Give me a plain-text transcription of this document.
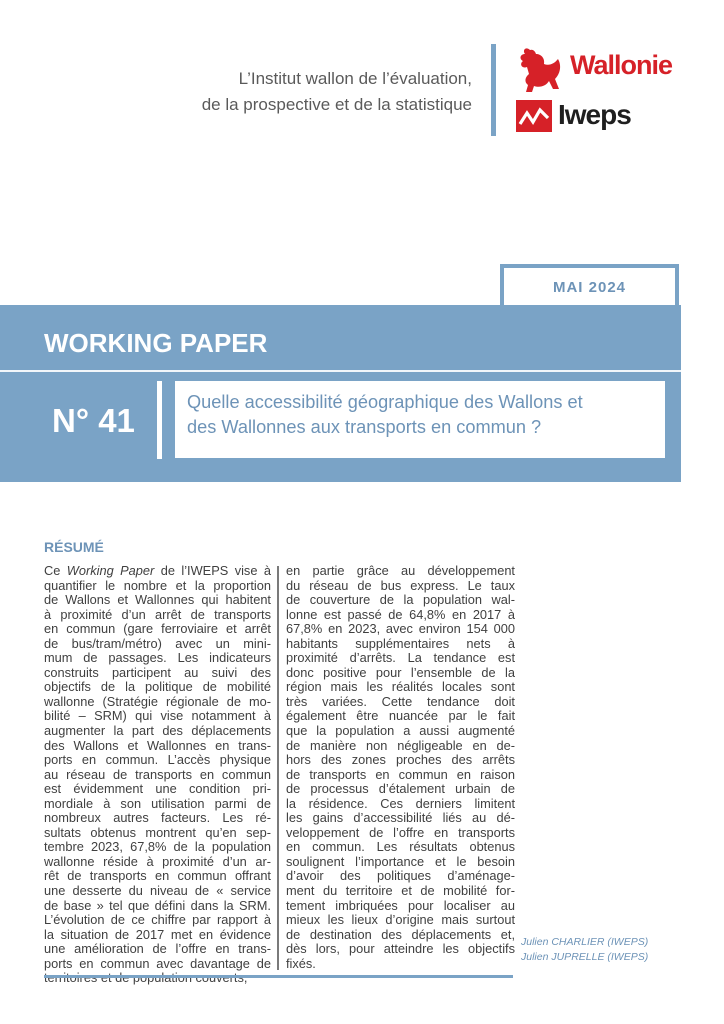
L’Institut wallon de l’évaluation,
de la prospective et de la statistique
Wallonie
Iweps
MAI 2024
WORKING PAPER
N° 41	Quelle accessibilité géographique des Wallons et
des Wallonnes aux transports en commun ?
RÉSUMÉ
Ce Working Paper de l’IWEPS vise à
quantifier le nombre et la proportion
de Wallons et Wallonnes qui habitent
à proximité d’un arrêt de transports
en commun (gare ferroviaire et arrêt
de bus/tram/métro) avec un mini-
mum de passages. Les indicateurs
construits participent au suivi des
objectifs de la politique de mobilité
wallonne (Stratégie régionale de mo-
bilité – SRM) qui vise notamment à
augmenter la part des déplacements
des Wallons et Wallonnes en trans-
ports en commun. L’accès physique
au réseau de transports en commun
est évidemment une condition pri-
mordiale à son utilisation parmi de
nombreux autres facteurs. Les ré-
sultats obtenus montrent qu’en sep-
tembre 2023, 67,8% de la population
wallonne réside à proximité d’un ar-
rêt de transports en commun offrant
une desserte du niveau de « service
de base » tel que défini dans la SRM.
L’évolution de ce chiffre par rapport à
la situation de 2017 met en évidence
une amélioration de l’offre en trans-
ports en commun avec davantage de
en partie grâce au développement
du réseau de bus express. Le taux
de couverture de la population wal-
lonne est passé de 64,8% en 2017 à
67,8% en 2023, avec environ 154 000
habitants supplémentaires nets à
proximité d’arrêts. La tendance est
donc positive pour l’ensemble de la
région mais les réalités locales sont
très variées. Cette tendance doit
également être nuancée par le fait
que la population a aussi augmenté
de manière non négligeable en de-
hors des zones proches des arrêts
de transports en commun en raison
de processus d’étalement urbain de
la résidence. Ces derniers limitent
les gains d’accessibilité liés au dé-
veloppement de l’offre en transports
en commun. Les résultats obtenus
soulignent l’importance et le besoin
d’avoir des politiques d’aménage-
ment du territoire et de mobilité for-
tement imbriquées pour localiser au
mieux les lieux d’origine mais surtout
de destination des déplacements et,
dès lors, pour atteindre les objectifs
fixés.
Julien CHARLIER (IWEPS)
Julien JUPRELLE (IWEPS)
